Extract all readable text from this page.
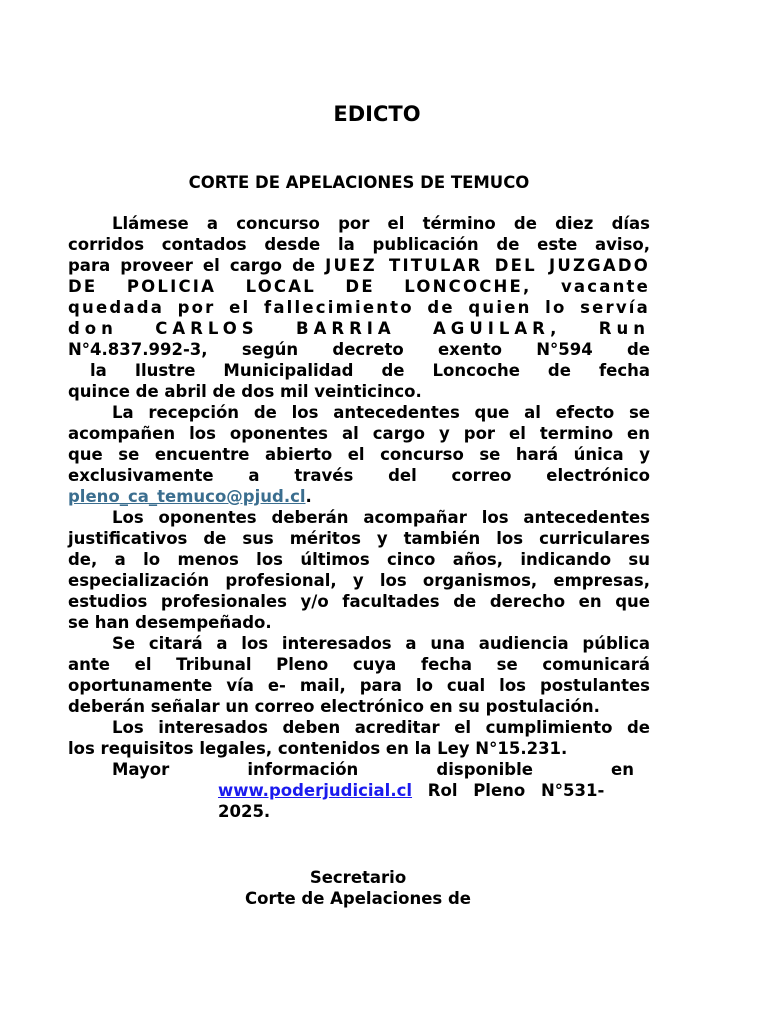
EDICTO
CORTE DE APELACIONES DE TEMUCO

Llámese a concurso por el término de diez días
corridos contados desde la publicación de este aviso,
para proveer el cargo de JUEZ TITULAR DEL JUZGADO
DE POLICIA LOCAL DE LONCOCHE, vacante
quedada por el fallecimiento de quien lo servía
don CARLOS BARRIA AGUILAR, Run
N°4.837.992-3, según decreto exento N°594 de
la Ilustre Municipalidad de Loncoche de fecha
quince de abril de dos mil veinticinco.

La recepción de los antecedentes que al efecto se
acompañen los oponentes al cargo y por el termino en
que se encuentre abierto el concurso se hará única y
exclusivamente a través del correo electrónico
pleno_ca_temuco@pjud.cl.

Los oponentes deberán acompañar los antecedentes
justificativos de sus méritos y también los curriculares
de, a lo menos los últimos cinco años, indicando su
especialización profesional, y los organismos, empresas,
estudios profesionales y/o facultades de derecho en que
se han desempeñado.

Se citará a los interesados a una audiencia pública
ante el Tribunal Pleno cuya fecha se comunicará
oportunamente vía e- mail, para lo cual los postulantes
deberán señalar un correo electrónico en su postulación.

Los interesados deben acreditar el cumplimiento de
los requisitos legales, contenidos en la Ley N°15.231.

Mayor información disponible en
www.poderjudicial.cl Rol Pleno N°531-
2025.

Secretario
Corte de Apelaciones de
